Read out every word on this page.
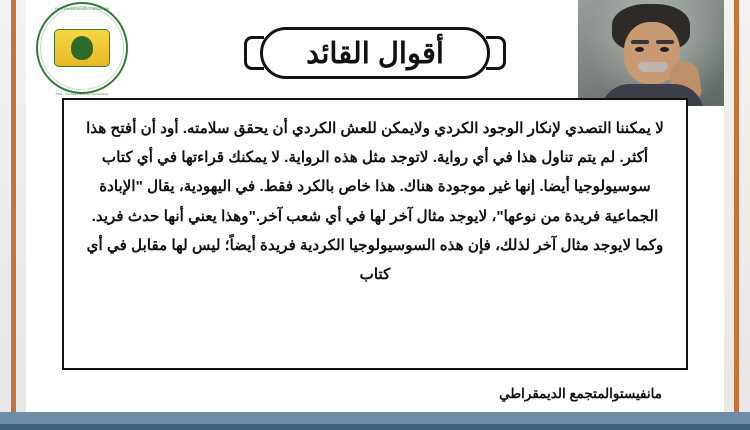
PARTIYA KARKERÊN KURDISTAN
PKK - Partiya Karkerên Kurdistanê
أقوال القائد

لا يمكننا التصدي لإنكار الوجود الكردي ولايمكن للعش الكردي أن يحقق سلامته. أود أن أفتح هذا أكثر. لم يتم تناول هذا في أي رواية. لاتوجد مثل هذه الرواية. لا يمكنك قراءتها في أي كتاب سوسيولوجيا أيضا. إنها غير موجودة هناك. هذا خاص بالكرد فقط. في اليهودية، يقال "الإبادة الجماعية فريدة من نوعها"، لايوجد مثال آخر لها في أي شعب آخر."وهذا يعني أنها حدث فريد. وكما لايوجد مثال آخر لذلك، فإن هذه السوسيولوجيا الكردية فريدة أيضاً؛ ليس لها مقابل في أي كتاب

مانفيستوالمتجمع الديمقراطي
